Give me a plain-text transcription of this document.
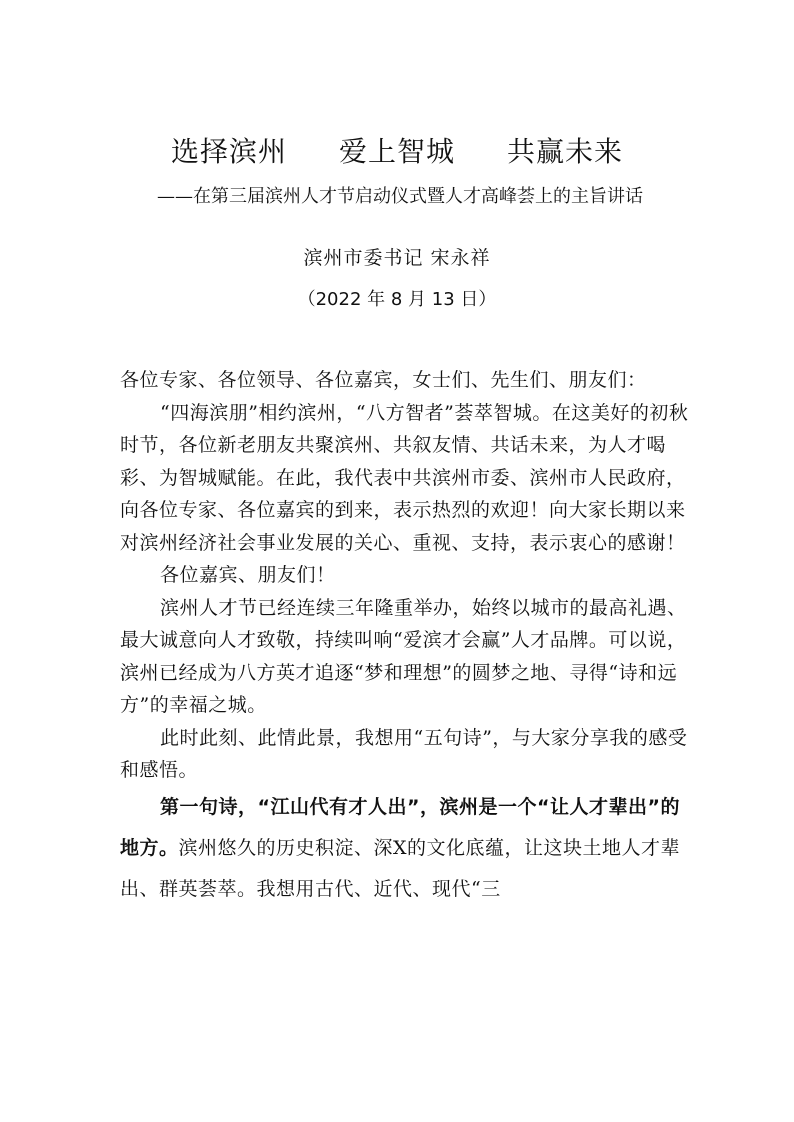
选择滨州 爱上智城 共赢未来
——在第三届滨州人才节启动仪式暨人才高峰荟上的主旨讲话
滨州市委书记 宋永祥
（2022 年 8 月 13 日）

各位专家、各位领导、各位嘉宾，女士们、先生们、朋友们：

“四海滨朋”相约滨州，“八方智者”荟萃智城。在这美好的初秋时节，各位新老朋友共聚滨州、共叙友情、共话未来，为人才喝彩、为智城赋能。在此，我代表中共滨州市委、滨州市人民政府，向各位专家、各位嘉宾的到来，表示热烈的欢迎！向大家长期以来对滨州经济社会事业发展的关心、重视、支持，表示衷心的感谢！

各位嘉宾、朋友们！

滨州人才节已经连续三年隆重举办，始终以城市的最高礼遇、最大诚意向人才致敬，持续叫响“爱滨才会赢”人才品牌。可以说，滨州已经成为八方英才追逐“梦和理想”的圆梦之地、寻得“诗和远方”的幸福之城。

此时此刻、此情此景，我想用“五句诗”，与大家分享我的感受和感悟。

第一句诗，“江山代有才人出”，滨州是一个“让人才辈出”的地方。滨州悠久的历史积淀、深X的文化底蕴，让这块土地人才辈出、群英荟萃。我想用古代、近代、现代“三
